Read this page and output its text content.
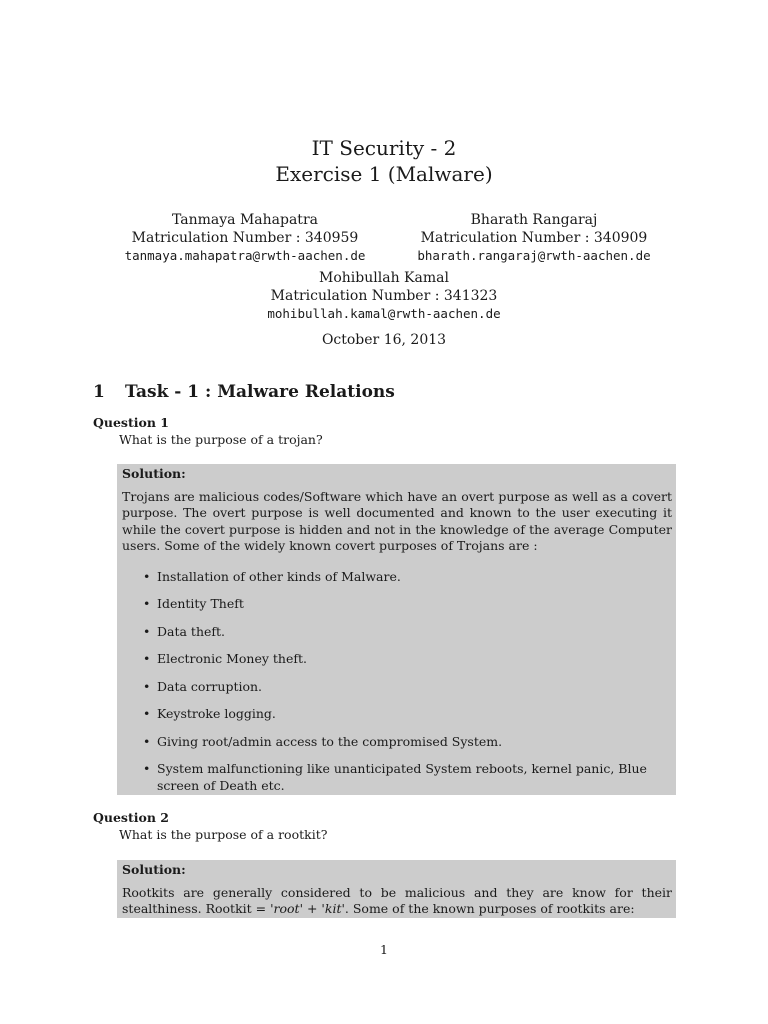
IT Security - 2
Exercise 1 (Malware)
Tanmaya Mahapatra
Matriculation Number : 340959
tanmaya.mahapatra@rwth-aachen.de
Bharath Rangaraj
Matriculation Number : 340909
bharath.rangaraj@rwth-aachen.de
Mohibullah Kamal
Matriculation Number : 341323
mohibullah.kamal@rwth-aachen.de
October 16, 2013
1 Task - 1 : Malware Relations
Question 1
What is the purpose of a trojan?
Solution:
Trojans are malicious codes/Software which have an overt purpose as well as a covert purpose. The overt purpose is well documented and known to the user executing it while the covert purpose is hidden and not in the knowledge of the average Computer users. Some of the widely known covert purposes of Trojans are :
• Installation of other kinds of Malware.
• Identity Theft
• Data theft.
• Electronic Money theft.
• Data corruption.
• Keystroke logging.
• Giving root/admin access to the compromised System.
• System malfunctioning like unanticipated System reboots, kernel panic, Blue screen of Death etc.
Question 2
What is the purpose of a rootkit?
Solution:
Rootkits are generally considered to be malicious and they are know for their stealthiness. Rootkit = 'root' + 'kit'. Some of the known purposes of rootkits are:
1
